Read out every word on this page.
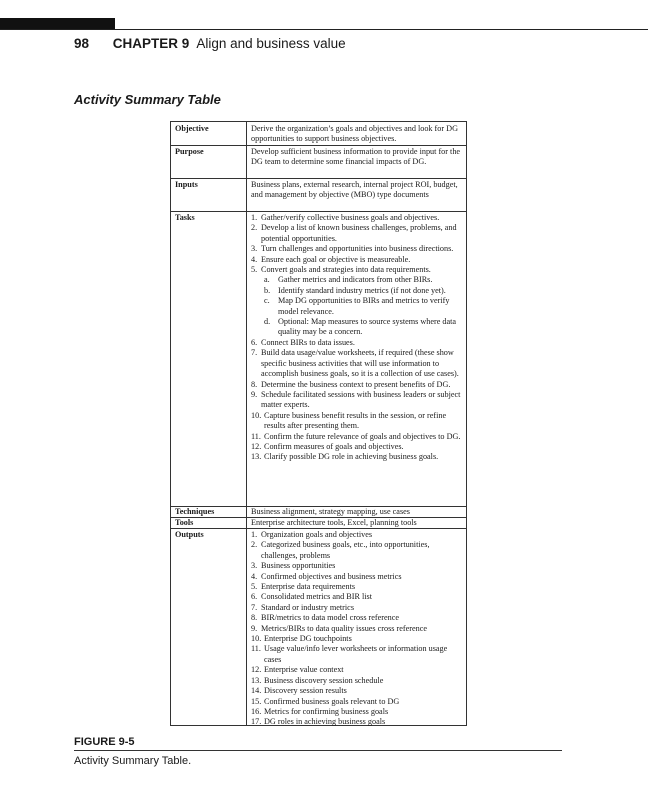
98 CHAPTER 9 Align and business value
Activity Summary Table
Objective	Derive the organization’s goals and objectives and look for DG opportunities to support business objectives.
Purpose	Develop sufficient business information to provide input for the DG team to determine some financial impacts of DG.
Inputs	Business plans, external research, internal project ROI, budget, and management by objective (MBO) type documents
Tasks	1. Gather/verify collective business goals and objectives.
2. Develop a list of known business challenges, problems, and potential opportunities.
3. Turn challenges and opportunities into business directions.
4. Ensure each goal or objective is measureable.
5. Convert goals and strategies into data requirements.
a.	Gather metrics and indicators from other BIRs.
b. Identify standard industry metrics (if not done yet).
c.	Map DG opportunities to BIRs and metrics to verify model relevance.
d. Optional: Map measures to source systems where data quality may be a concern.
6. Connect BIRs to data issues.
7. Build data usage/value worksheets, if required (these show specific business activities that will use information to accomplish business goals, so it is a collection of use cases).
8. Determine the business context to present benefits of DG.
9. Schedule facilitated sessions with business leaders or subject matter experts.
10. Capture business benefit results in the session, or refine results after presenting them.
11. Confirm the future relevance of goals and objectives to DG.
12. Confirm measures of goals and objectives.
13. Clarify possible DG role in achieving business goals.
Techniques	Business alignment, strategy mapping, use cases
Tools	Enterprise architecture tools, Excel, planning tools
Outputs	1. Organization goals and objectives
2. Categorized business goals, etc., into opportunities, challenges, problems
3. Business opportunities
4. Confirmed objectives and business metrics
5. Enterprise data requirements
6. Consolidated metrics and BIR list
7. Standard or industry metrics
8. BIR/metrics to data model cross reference
9. Metrics/BIRs to data quality issues cross reference
10. Enterprise DG touchpoints
11. Usage value/info lever worksheets or information usage cases
12. Enterprise value context
13. Business discovery session schedule
14. Discovery session results
15. Confirmed business goals relevant to DG
16. Metrics for confirming business goals
17. DG roles in achieving business goals
FIGURE 9-5
Activity Summary Table.
